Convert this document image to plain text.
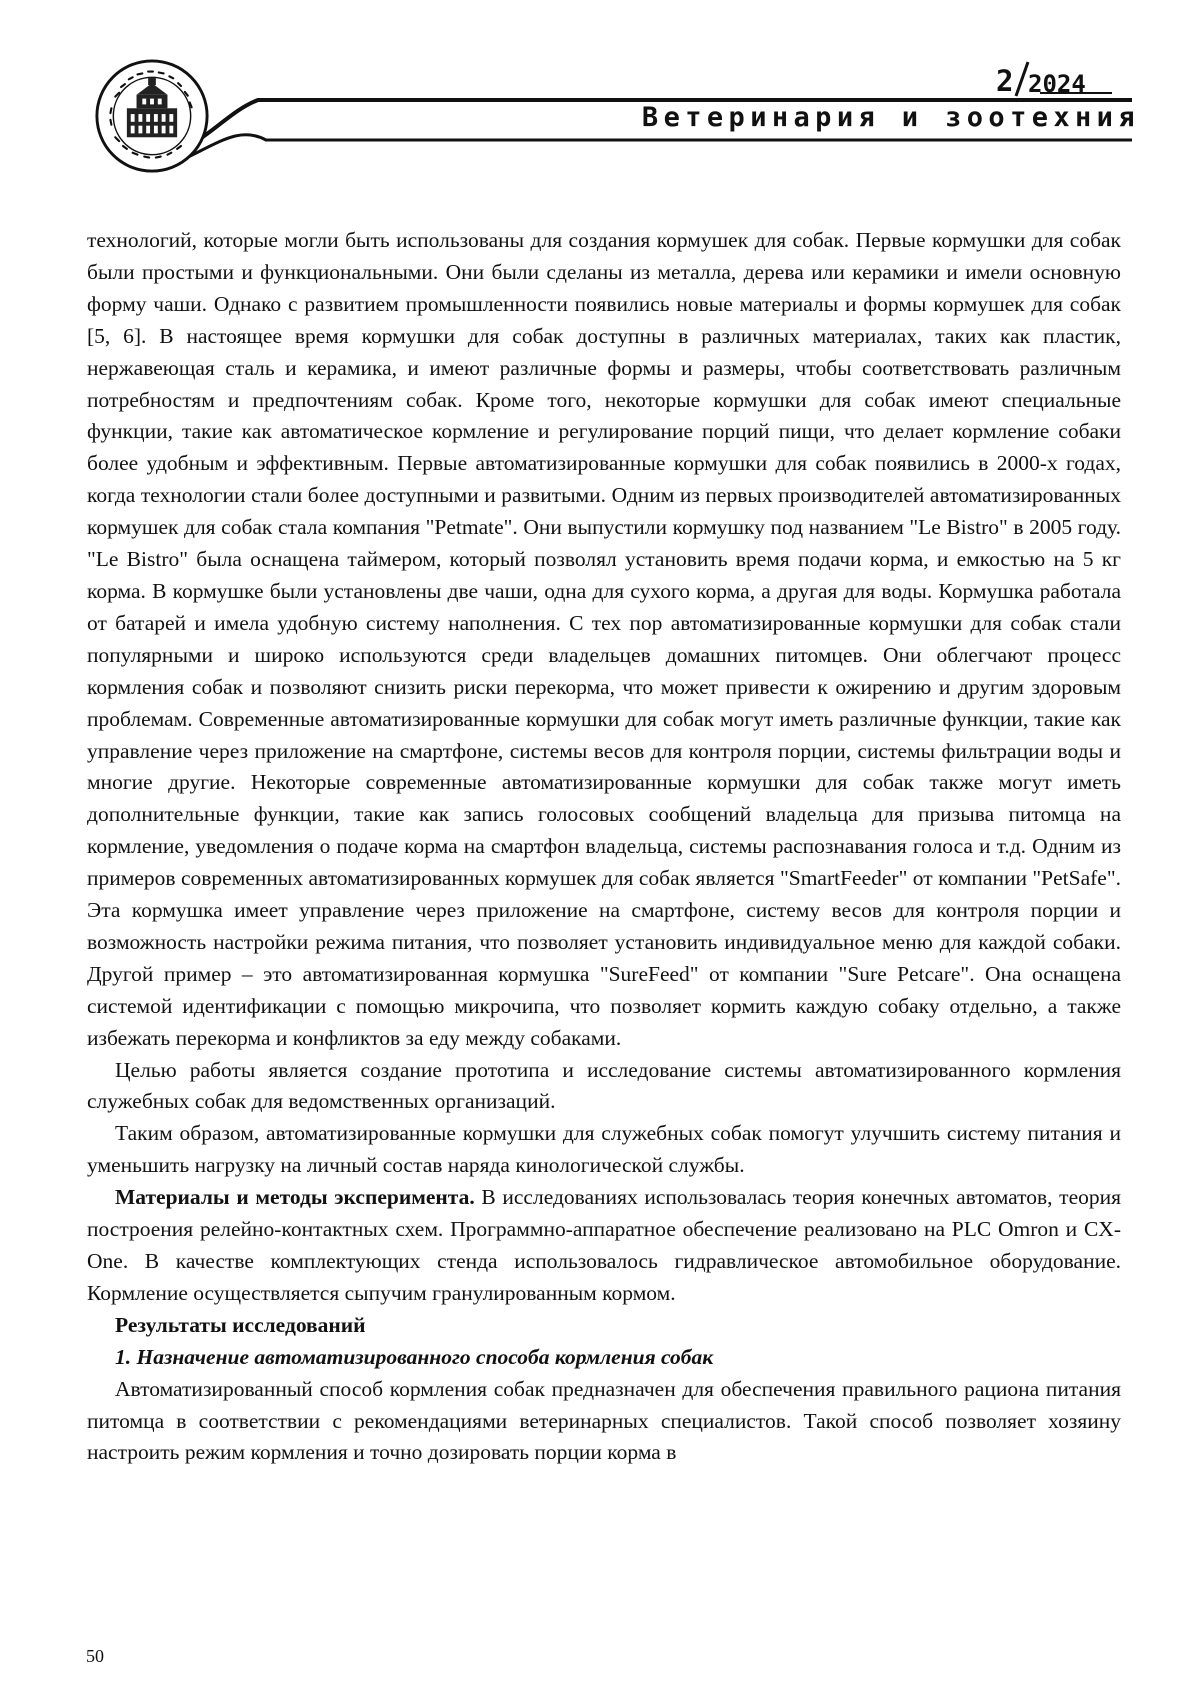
2 2024
Ветеринария и зоотехния

технологий, которые могли быть использованы для создания кормушек для собак. Первые кормушки для собак были простыми и функциональными. Они были сделаны из металла, дерева или керамики и имели основную форму чаши. Однако с развитием промышленности появились новые материалы и формы кормушек для собак [5, 6]. В настоящее время кормушки для собак доступны в различных материалах, таких как пластик, нержавеющая сталь и керамика, и имеют различные формы и размеры, чтобы соответствовать различным потребностям и предпочтениям собак. Кроме того, некоторые кормушки для собак имеют специальные функции, такие как автоматическое кормление и регулирование порций пищи, что делает кормление собаки более удобным и эффективным. Первые автоматизированные кормушки для собак появились в 2000-х годах, когда технологии стали более доступными и развитыми. Одним из первых производителей автоматизированных кормушек для собак стала компания "Petmate". Они выпустили кормушку под названием "Le Bistro" в 2005 году. "Le Bistro" была оснащена таймером, который позволял установить время подачи корма, и емкостью на 5 кг корма. В кормушке были установлены две чаши, одна для сухого корма, а другая для воды. Кормушка работала от батарей и имела удобную систему наполнения. С тех пор автоматизированные кормушки для собак стали популярными и широко используются среди владельцев домашних питомцев. Они облегчают процесс кормления собак и позволяют снизить риски перекорма, что может привести к ожирению и другим здоровым проблемам. Современные автоматизированные кормушки для собак могут иметь различные функции, такие как управление через приложение на смартфоне, системы весов для контроля порции, системы фильтрации воды и многие другие. Некоторые современные автоматизированные кормушки для собак также могут иметь дополнительные функции, такие как запись голосовых сообщений владельца для призыва питомца на кормление, уведомления о подаче корма на смартфон владельца, системы распознавания голоса и т.д. Одним из примеров современных автоматизированных кормушек для собак является "SmartFeeder" от компании "PetSafe". Эта кормушка имеет управление через приложение на смартфоне, систему весов для контроля порции и возможность настройки режима питания, что позволяет установить индивидуальное меню для каждой собаки. Другой пример – это автоматизированная кормушка "SureFeed" от компании "Sure Petcare". Она оснащена системой идентификации с помощью микрочипа, что позволяет кормить каждую собаку отдельно, а также избежать перекорма и конфликтов за еду между собаками.

Целью работы является создание прототипа и исследование системы автоматизированного кормления служебных собак для ведомственных организаций.

Таким образом, автоматизированные кормушки для служебных собак помогут улучшить систему питания и уменьшить нагрузку на личный состав наряда кинологической службы.

Материалы и методы эксперимента. В исследованиях использовалась теория конечных автоматов, теория построения релейно-контактных схем. Программно-аппаратное обеспечение реализовано на PLC Omron и CX-One. В качестве комплектующих стенда использовалось гидравлическое автомобильное оборудование. Кормление осуществляется сыпучим гранулированным кормом.

Результаты исследований

1. Назначение автоматизированного способа кормления собак

Автоматизированный способ кормления собак предназначен для обеспечения правильного рациона питания питомца в соответствии с рекомендациями ветеринарных специалистов. Такой способ позволяет хозяину настроить режим кормления и точно дозировать порции корма в

50
